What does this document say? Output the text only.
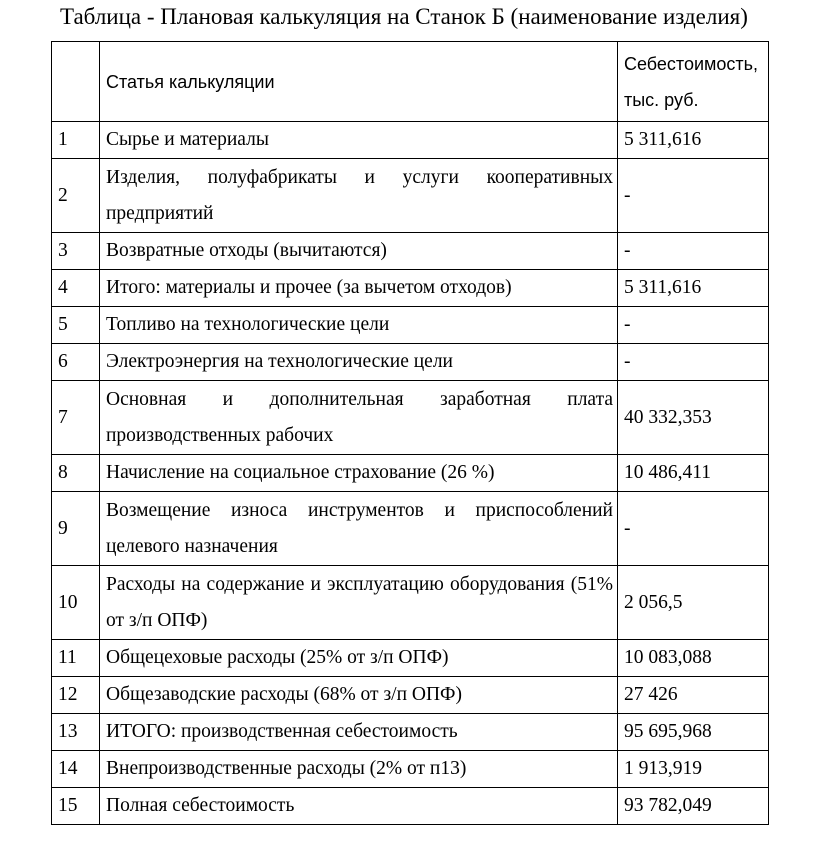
Таблица - Плановая калькуляция на Станок Б (наименование изделия)
	Статья калькуляции	Себестоимость, тыс. руб.
1	Сырье и материалы	5 311,616
2	Изделия, полуфабрикаты и услуги кооперативных предприятий	-
3	Возвратные отходы (вычитаются)	-
4	Итого: материалы и прочее (за вычетом отходов)	5 311,616
5	Топливо на технологические цели	-
6	Электроэнергия на технологические цели	-
7	Основная и дополнительная заработная плата производственных рабочих	40 332,353
8	Начисление на социальное страхование (26 %)	10 486,411
9	Возмещение износа инструментов и приспособлений целевого назначения	-
10	Расходы на содержание и эксплуатацию оборудования (51% от з/п ОПФ)	2 056,5
11	Общецеховые расходы (25% от з/п ОПФ)	10 083,088
12	Общезаводские расходы (68% от з/п ОПФ)	27 426
13	ИТОГО: производственная себестоимость	95 695,968
14	Внепроизводственные расходы (2% от п13)	1 913,919
15	Полная себестоимость	93 782,049
